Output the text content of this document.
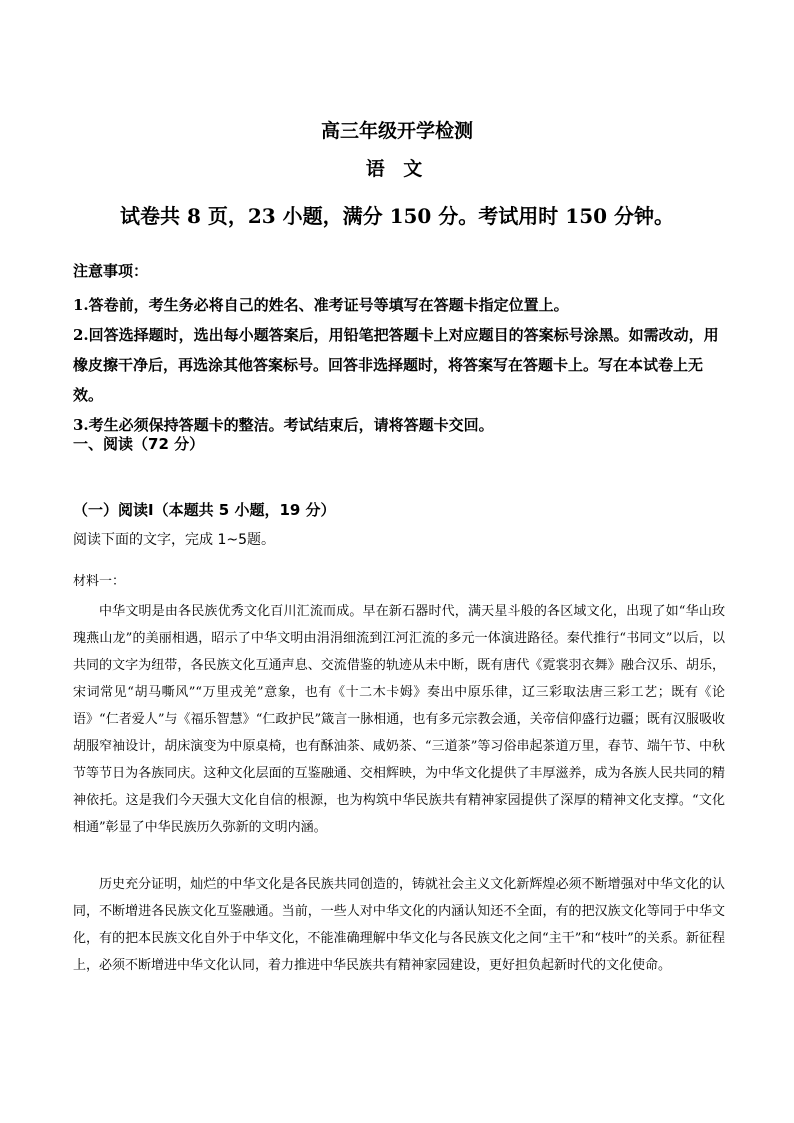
高三年级开学检测
语 文
试卷共 8 页，23 小题，满分 150 分。考试用时 150 分钟。
注意事项：
1.答卷前，考生务必将自己的姓名、准考证号等填写在答题卡指定位置上。
2.回答选择题时，选出每小题答案后，用铅笔把答题卡上对应题目的答案标号涂黑。如需改动，用橡皮擦干净后，再选涂其他答案标号。回答非选择题时，将答案写在答题卡上。写在本试卷上无效。
3.考生必须保持答题卡的整洁。考试结束后，请将答题卡交回。
一、阅读（72 分）
（一）阅读Ⅰ（本题共 5 小题，19 分）
阅读下面的文字，完成 1~5题。
材料一：
中华文明是由各民族优秀文化百川汇流而成。早在新石器时代，满天星斗般的各区域文化，出现了如“华山玫瑰燕山龙”的美丽相遇，昭示了中华文明由涓涓细流到江河汇流的多元一体演进路径。秦代推行“书同文”以后，以共同的文字为纽带，各民族文化互通声息、交流借鉴的轨迹从未中断，既有唐代《霓裳羽衣舞》融合汉乐、胡乐，宋词常见“胡马嘶风”“万里戎羌”意象，也有《十二木卡姆》奏出中原乐律，辽三彩取法唐三彩工艺；既有《论语》“仁者爱人”与《福乐智慧》“仁政护民”箴言一脉相通，也有多元宗教会通，关帝信仰盛行边疆；既有汉服吸收胡服窄袖设计，胡床演变为中原桌椅，也有酥油茶、咸奶茶、“三道茶”等习俗串起茶道万里，春节、端午节、中秋节等节日为各族同庆。这种文化层面的互鉴融通、交相辉映，为中华文化提供了丰厚滋养，成为各族人民共同的精神依托。这是我们今天强大文化自信的根源，也为构筑中华民族共有精神家园提供了深厚的精神文化支撑。“文化相通”彰显了中华民族历久弥新的文明内涵。
历史充分证明，灿烂的中华文化是各民族共同创造的，铸就社会主义文化新辉煌必须不断增强对中华文化的认同，不断增进各民族文化互鉴融通。当前，一些人对中华文化的内涵认知还不全面，有的把汉族文化等同于中华文化，有的把本民族文化自外于中华文化，不能准确理解中华文化与各民族文化之间“主干”和“枝叶”的关系。新征程上，必须不断增进中华文化认同，着力推进中华民族共有精神家园建设，更好担负起新时代的文化使命。
